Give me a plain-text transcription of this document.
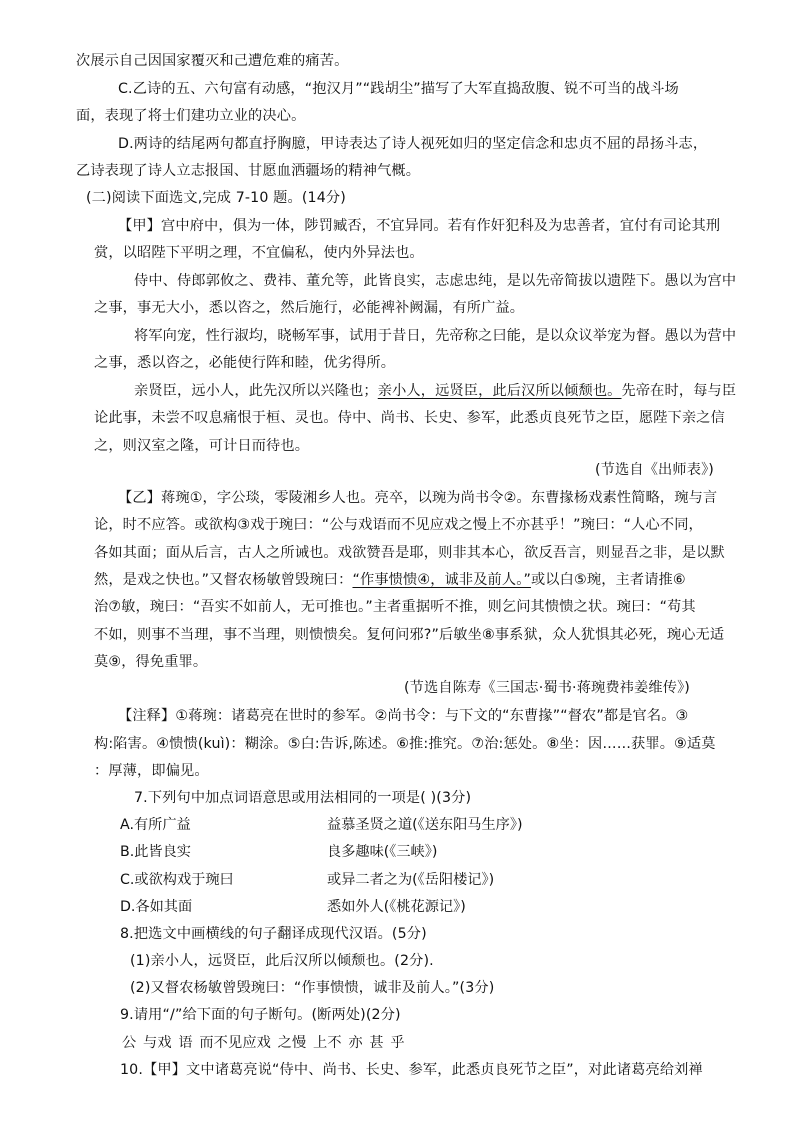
次展示自己因国家覆灭和己遭危难的痛苦。
C.乙诗的五、六句富有动感，“抱汉月”“践胡尘”描写了大军直捣敌腹、锐不可当的战斗场
面，表现了将士们建功立业的决心。
D.两诗的结尾两句都直抒胸臆，甲诗表达了诗人视死如归的坚定信念和忠贞不屈的昂扬斗志，
乙诗表现了诗人立志报国、甘愿血洒疆场的精神气概。
(二)阅读下面选文,完成 7-10 题。(14分)
【甲】宫中府中，俱为一体，陟罚臧否，不宜异同。若有作奸犯科及为忠善者，宜付有司论其刑
赏，以昭陛下平明之理，不宜偏私，使内外异法也。
侍中、侍郎郭攸之、费祎、董允等，此皆良实，志虑忠纯，是以先帝简拔以遗陛下。愚以为宫中
之事，事无大小，悉以咨之，然后施行，必能裨补阙漏，有所广益。
将军向宠，性行淑均，晓畅军事，试用于昔日，先帝称之曰能，是以众议举宠为督。愚以为营中
之事，悉以咨之，必能使行阵和睦，优劣得所。
亲贤臣，远小人，此先汉所以兴隆也；亲小人，远贤臣，此后汉所以倾颓也。先帝在时，每与臣
论此事，未尝不叹息痛恨于桓、灵也。侍中、尚书、长史、参军，此悉贞良死节之臣，愿陛下亲之信
之，则汉室之隆，可计日而待也。
(节选自《出师表》)
【乙】蒋琬①，字公琰，零陵湘乡人也。亮卒，以琬为尚书令②。东曹掾杨戏素性简略，琬与言
论，时不应答。或欲构③戏于琬曰：“公与戏语而不见应戏之慢上不亦甚乎！”琬曰：“人心不同，
各如其面；面从后言，古人之所诫也。戏欲赞吾是耶，则非其本心，欲反吾言，则显吾之非，是以默
然，是戏之快也。”又督农杨敏曾毁琬曰：“作事愦愦④，诚非及前人。”或以白⑤琬，主者请推⑥
治⑦敏，琬曰：“吾实不如前人，无可推也。”主者重据听不推，则乞问其愦愦之状。琬曰：“苟其
不如，则事不当理，事不当理，则愦愦矣。复何问邪?”后敏坐⑧事系狱，众人犹惧其必死，琬心无适
莫⑨，得免重罪。
(节选自陈寿《三国志·蜀书·蒋琬费祎姜维传》)
【注释】①蒋琬：诸葛亮在世时的参军。②尚书令：与下文的“东曹掾”“督农”都是官名。③
构:陷害。④愦愦(kuì)：糊涂。⑤白:告诉,陈述。⑥推:推究。⑦治:惩处。⑧坐：因……获罪。⑨适莫
：厚薄，即偏见。
7.下列句中加点词语意思或用法相同的一项是( )(3分)
A.有所广益	益慕圣贤之道(《送东阳马生序》)
B.此皆良实	良多趣味(《三峡》)
C.或欲构戏于琬曰	或异二者之为(《岳阳楼记》)
D.各如其面	悉如外人(《桃花源记》)
8.把选文中画横线的句子翻译成现代汉语。(5分)
(1)亲小人，远贤臣，此后汉所以倾颓也。(2分).
(2)又督农杨敏曾毁琬曰：“作事愦愦，诚非及前人。”(3分)
9.请用“/”给下面的句子断句。(断两处)(2分)
公 与戏 语 而不见应戏 之慢 上不 亦 甚 乎
10.【甲】文中诸葛亮说“侍中、尚书、长史、参军，此悉贞良死节之臣”，对此诸葛亮给刘禅
